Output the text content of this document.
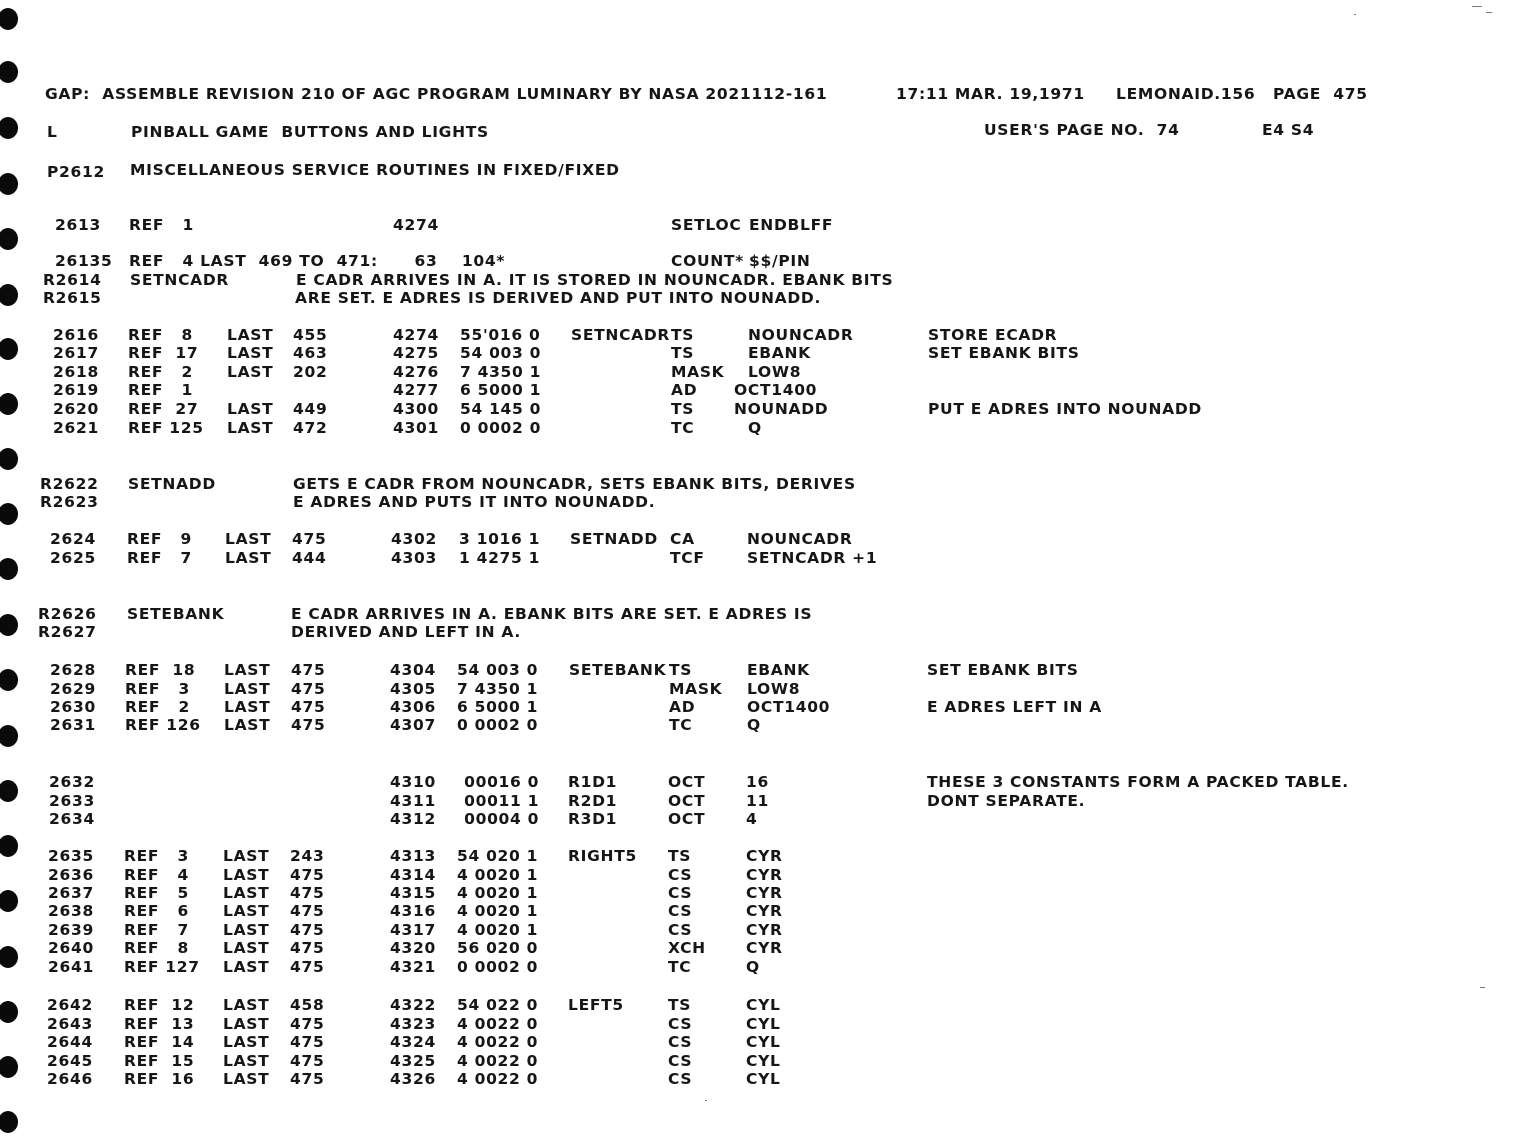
GAP:  ASSEMBLE REVISION 210 OF AGC PROGRAM LUMINARY BY NASA 2021112-161	17:11 MAR. 19,1971 LEMONAID.156 PAGE  475
L	PINBALL GAME  BUTTONS AND LIGHTS	USER'S PAGE NO.  74	E4 S4
P2612 MISCELLANEOUS SERVICE ROUTINES IN FIXED/FIXED
2613 REF   1	4274	SETLOC ENDBLFF
26135 REF   4 LAST  469 TO  471:      63    104*	COUNT* $$/PIN
R2614 SETNCADR	E CADR ARRIVES IN A. IT IS STORED IN NOUNCADR. EBANK BITS
R2615	ARE SET. E ADRES IS DERIVED AND PUT INTO NOUNADD.
2616 REF   8 LAST 455	4274 55'016 0 SETNCADR TS	NOUNCADR	STORE ECADR
2617 REF  17 LAST 463	4275 54 003 0	TS	EBANK	SET EBANK BITS
2618 REF   2 LAST 202	4276 7 4350 1	MASK LOW8
2619 REF   1	4277 6 5000 1	AD OCT1400
2620 REF  27 LAST 449	4300 54 145 0	TS	NOUNADD	PUT E ADRES INTO NOUNADD
2621 REF 125 LAST 472	4301 0 0002 0	TC	Q
R2622 SETNADD	GETS E CADR FROM NOUNCADR, SETS EBANK BITS, DERIVES
R2623	E ADRES AND PUTS IT INTO NOUNADD.
2624 REF   9 LAST 475	4302 3 1016 1 SETNADD CA	NOUNCADR
2625 REF   7 LAST 444	4303 1 4275 1	TCF	SETNCADR +1
R2626 SETEBANK	E CADR ARRIVES IN A. EBANK BITS ARE SET. E ADRES IS
R2627	DERIVED AND LEFT IN A.
2628 REF  18 LAST 475	4304 54 003 0 SETEBANK TS	EBANK	SET EBANK BITS
2629 REF   3 LAST 475	4305 7 4350 1	MASK LOW8
2630 REF   2 LAST 475	4306 6 5000 1	AD	OCT1400	E ADRES LEFT IN A
2631 REF 126 LAST 475	4307 0 0002 0	TC	Q
2632	4310 00016 0 R1D1	OCT	16	THESE 3 CONSTANTS FORM A PACKED TABLE.
2633	4311 00011 1 R2D1	OCT	11	DONT SEPARATE.
2634	4312 00004 0 R3D1	OCT	4
2635 REF   3 LAST 243	4313 54 020 1 RIGHT5 TS	CYR
2636 REF   4 LAST 475	4314 4 0020 1	CS	CYR
2637 REF   5 LAST 475	4315 4 0020 1	CS	CYR
2638 REF   6 LAST 475	4316 4 0020 1	CS	CYR
2639 REF   7 LAST 475	4317 4 0020 1	CS	CYR
2640 REF   8 LAST 475	4320 56 020 0	XCH	CYR
2641 REF 127 LAST 475	4321 0 0002 0	TC	Q
2642 REF  12 LAST 458	4322 54 022 0 LEFT5	TS	CYL
2643 REF  13 LAST 475	4323 4 0022 0	CS	CYL
2644 REF  14 LAST 475	4324 4 0022 0	CS	CYL
2645 REF  15 LAST 475	4325 4 0022 0	CS	CYL
2646 REF  16 LAST 475	4326 4 0022 0	CS	CYL
